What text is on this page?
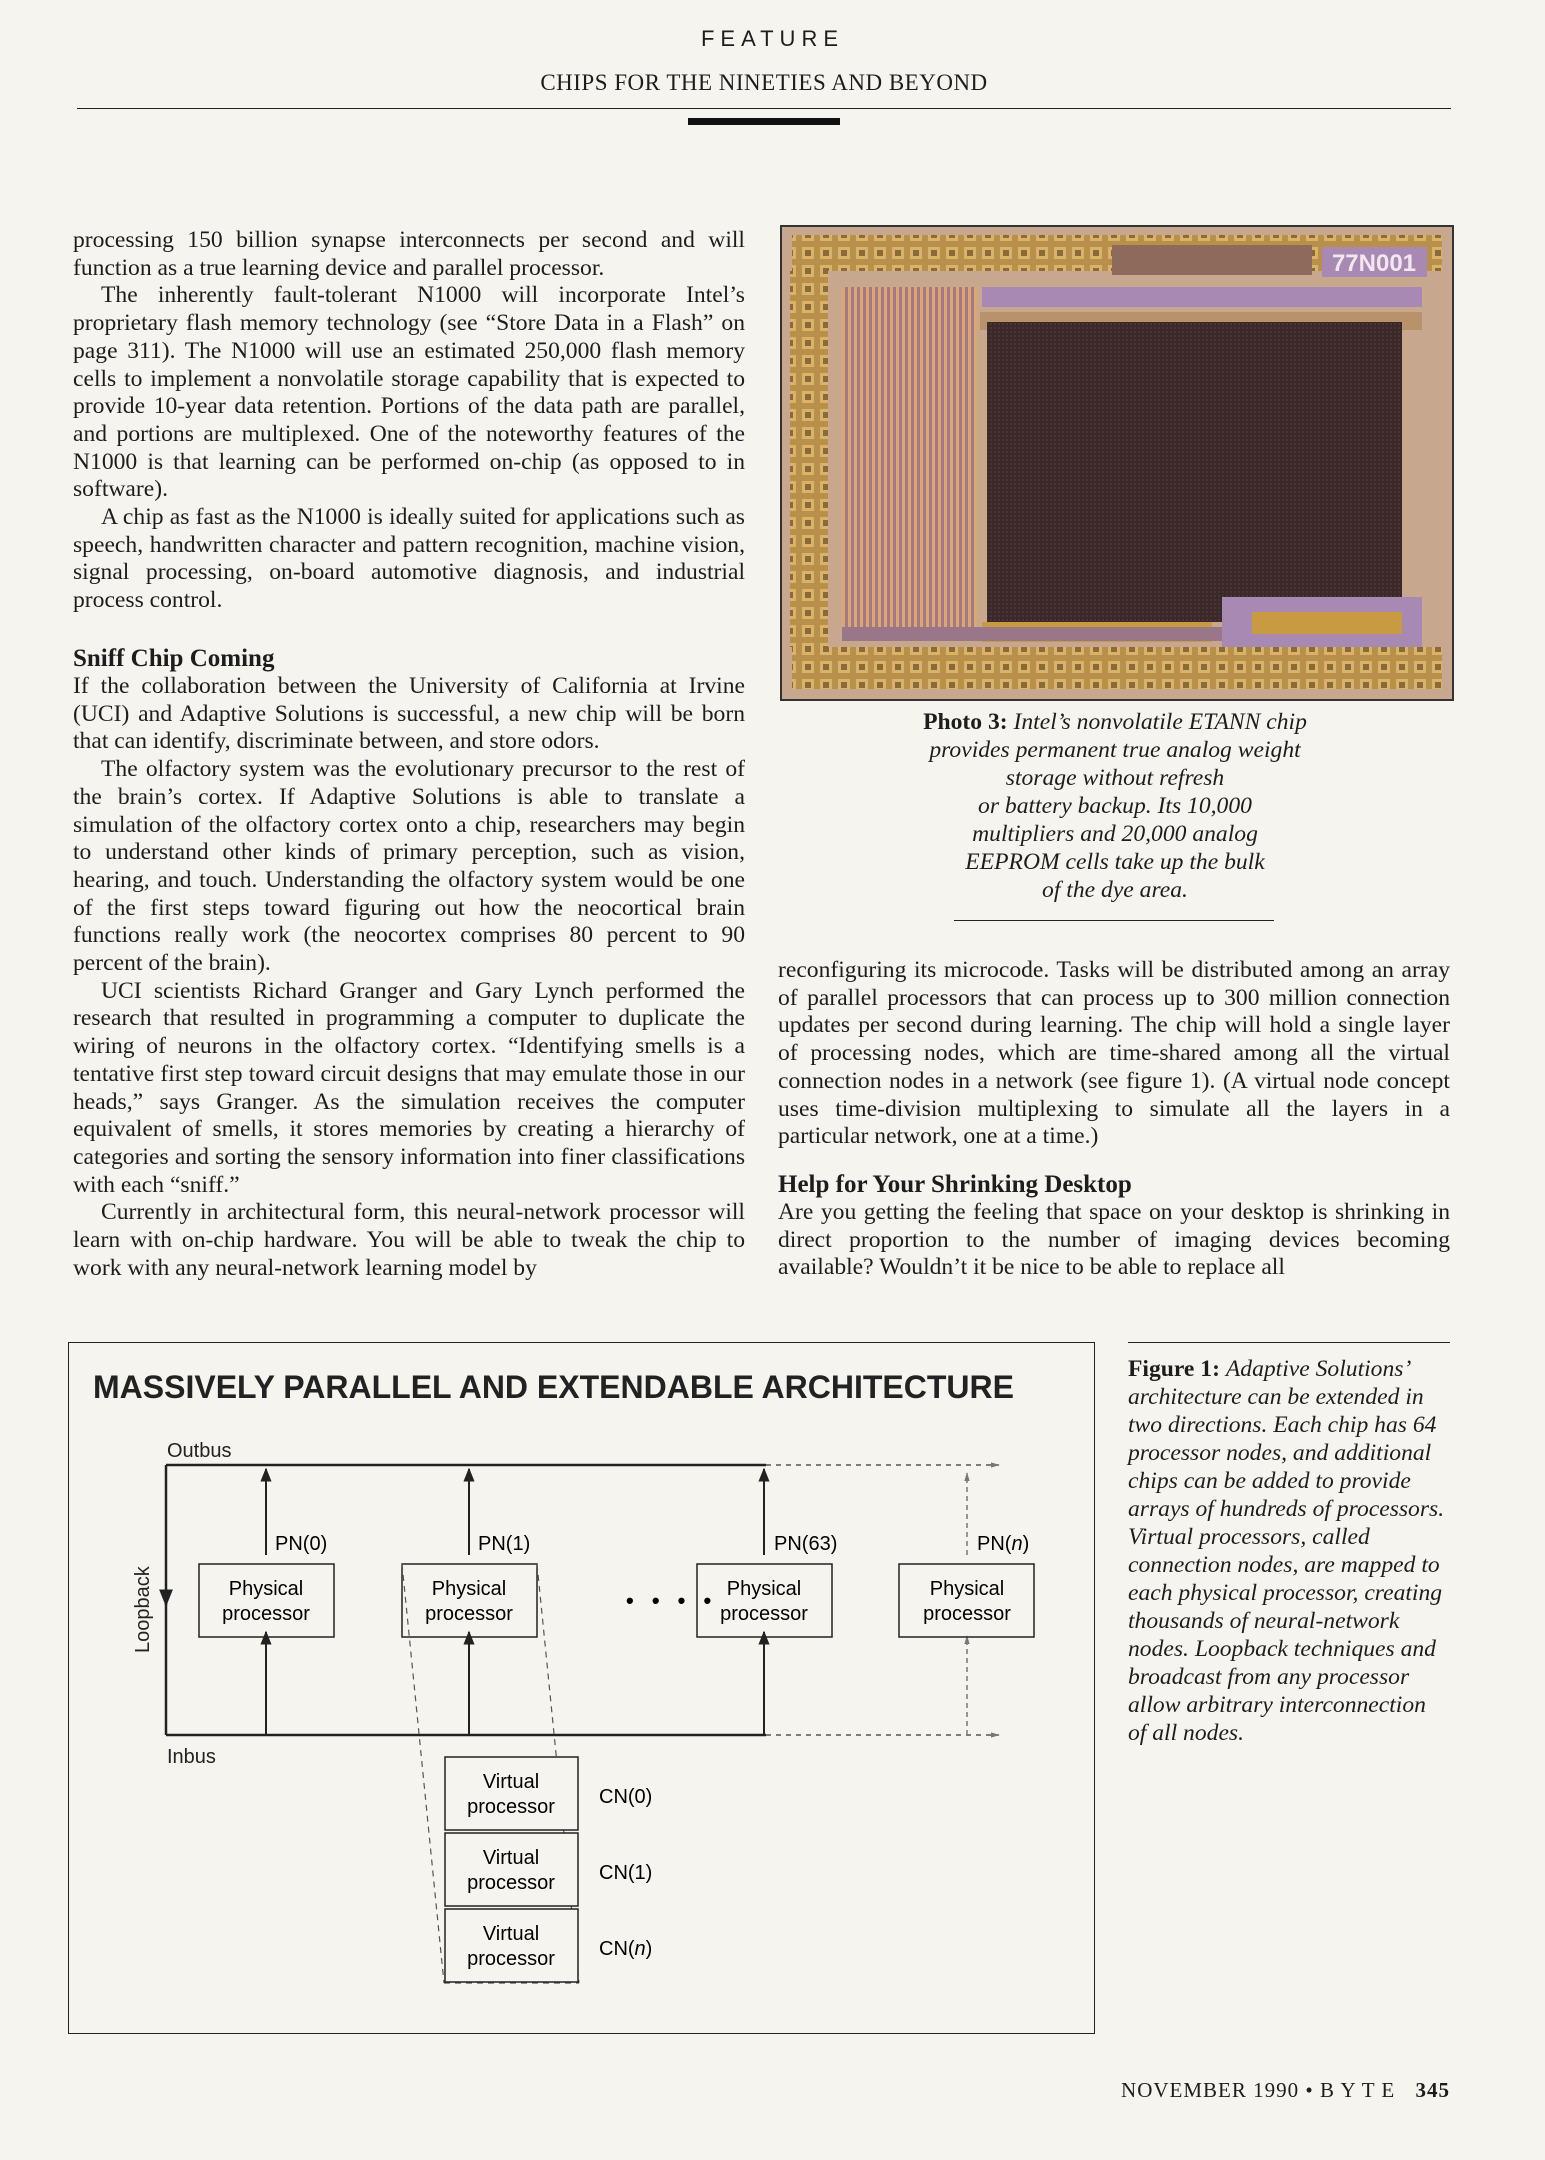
FEATURE
CHIPS FOR THE NINETIES AND BEYOND

processing 150 billion synapse interconnects per second and will function as a true learning device and parallel processor.

The inherently fault-tolerant N1000 will incorporate Intel’s proprietary flash memory technology (see “Store Data in a Flash” on page 311). The N1000 will use an estimated 250,000 flash memory cells to implement a nonvolatile storage capability that is expected to provide 10-year data retention. Portions of the data path are parallel, and portions are multiplexed. One of the noteworthy features of the N1000 is that learning can be performed on-chip (as opposed to in software).

A chip as fast as the N1000 is ideally suited for applications such as speech, handwritten character and pattern recognition, machine vision, signal processing, on-board automotive diagnosis, and industrial process control.

Sniff Chip Coming

If the collaboration between the University of California at Irvine (UCI) and Adaptive Solutions is successful, a new chip will be born that can identify, discriminate between, and store odors.

The olfactory system was the evolutionary precursor to the rest of the brain’s cortex. If Adaptive Solutions is able to translate a simulation of the olfactory cortex onto a chip, researchers may begin to understand other kinds of primary perception, such as vision, hearing, and touch. Understanding the olfactory system would be one of the first steps toward figuring out how the neocortical brain functions really work (the neocortex comprises 80 percent to 90 percent of the brain).

UCI scientists Richard Granger and Gary Lynch performed the research that resulted in programming a computer to duplicate the wiring of neurons in the olfactory cortex. “Identifying smells is a tentative first step toward circuit designs that may emulate those in our heads,” says Granger. As the simulation receives the computer equivalent of smells, it stores memories by creating a hierarchy of categories and sorting the sensory information into finer classifications with each “sniff.”

Currently in architectural form, this neural-network processor will learn with on-chip hardware. You will be able to tweak the chip to work with any neural-network learning model by

77N001
Photo 3: Intel’s nonvolatile ETANN chip
provides permanent true analog weight
storage without refresh
or battery backup. Its 10,000
multipliers and 20,000 analog
EEPROM cells take up the bulk
of the dye area.

reconfiguring its microcode. Tasks will be distributed among an array of parallel processors that can process up to 300 million connection updates per second during learning. The chip will hold a single layer of processing nodes, which are time-shared among all the virtual connection nodes in a network (see figure 1). (A virtual node concept uses time-division multiplexing to simulate all the layers in a particular network, one at a time.)

Help for Your Shrinking Desktop

Are you getting the feeling that space on your desktop is shrinking in direct proportion to the number of imaging devices becoming available? Wouldn’t it be nice to be able to replace all

MASSIVELY PARALLEL AND EXTENDABLE ARCHITECTURE
Outbus
Inbus
Loopback
PN(0)
Physical
processor
PN(1)
Physical
processor
• • • •
PN(63)
Physical
processor
PN(n)
Physical
processor
Virtual
processor CN(0)
Virtual
processor CN(1)
Virtual
processor CN(n)
Figure 1: Adaptive Solutions’ architecture can be extended in two directions. Each chip has 64 processor nodes, and additional chips can be added to provide arrays of hundreds of processors. Virtual processors, called connection nodes, are mapped to each physical processor, creating thousands of neural-network nodes. Loopback techniques and broadcast from any processor allow arbitrary interconnection of all nodes.
NOVEMBER 1990 • B Y T E 345
